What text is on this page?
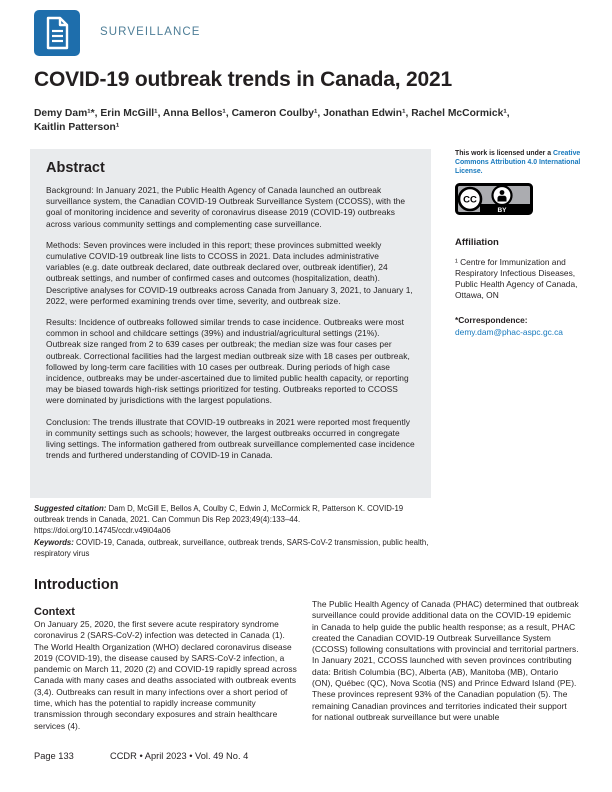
SURVEILLANCE
COVID-19 outbreak trends in Canada, 2021
Demy Dam¹*, Erin McGill¹, Anna Bellos¹, Cameron Coulby¹, Jonathan Edwin¹, Rachel McCormick¹,
Kaitlin Patterson¹
Abstract

Background: In January 2021, the Public Health Agency of Canada launched an outbreak surveillance system, the Canadian COVID-19 Outbreak Surveillance System (CCOSS), with the goal of monitoring incidence and severity of coronavirus disease 2019 (COVID-19) outbreaks across various community settings and complementing case surveillance.

Methods: Seven provinces were included in this report; these provinces submitted weekly cumulative COVID-19 outbreak line lists to CCOSS in 2021. Data includes administrative variables (e.g. date outbreak declared, date outbreak declared over, outbreak identifier), 24 outbreak settings, and number of confirmed cases and outcomes (hospitalization, death). Descriptive analyses for COVID-19 outbreaks across Canada from January 3, 2021, to January 1, 2022, were performed examining trends over time, severity, and outbreak size.

Results: Incidence of outbreaks followed similar trends to case incidence. Outbreaks were most common in school and childcare settings (39%) and industrial/agricultural settings (21%). Outbreak size ranged from 2 to 639 cases per outbreak; the median size was four cases per outbreak. Correctional facilities had the largest median outbreak size with 18 cases per outbreak, followed by long-term care facilities with 10 cases per outbreak. During periods of high case incidence, outbreaks may be under-ascertained due to limited public health capacity, or reporting may be biased towards high-risk settings prioritized for testing. Outbreaks reported to CCOSS were dominated by jurisdictions with the largest populations.

Conclusion: The trends illustrate that COVID-19 outbreaks in 2021 were reported most frequently in community settings such as schools; however, the largest outbreaks occurred in congregate living settings. The information gathered from outbreak surveillance complemented case incidence trends and furthered understanding of COVID-19 in Canada.

This work is licensed under a Creative Commons Attribution 4.0 International License.
CC
BY
Affiliation
¹ Centre for Immunization and Respiratory Infectious Diseases, Public Health Agency of Canada, Ottawa, ON
*Correspondence:
demy.dam@phac-aspc.gc.ca
Suggested citation: Dam D, McGill E, Bellos A, Coulby C, Edwin J, McCormick R, Patterson K. COVID-19
outbreak trends in Canada, 2021. Can Commun Dis Rep 2023;49(4):133–44.
https://doi.org/10.14745/ccdr.v49i04a06
Keywords: COVID-19, Canada, outbreak, surveillance, outbreak trends, SARS-CoV-2 transmission, public health,
respiratory virus
Introduction
Context
On January 25, 2020, the first severe acute respiratory syndrome coronavirus 2 (SARS-CoV-2) infection was detected in Canada (1). The World Health Organization (WHO) declared coronavirus disease 2019 (COVID-19), the disease caused by SARS-CoV-2 infection, a pandemic on March 11, 2020 (2) and COVID-19 rapidly spread across Canada with many cases and deaths associated with outbreak events (3,4). Outbreaks can result in many infections over a short period of time, which has the potential to rapidly increase community transmission through secondary exposures and strain healthcare services (4).
The Public Health Agency of Canada (PHAC) determined that outbreak surveillance could provide additional data on the COVID-19 epidemic in Canada to help guide the public health response; as a result, PHAC created the Canadian COVID-19 Outbreak Surveillance System (CCOSS) following consultations with provincial and territorial partners. In January 2021, CCOSS launched with seven provinces contributing data: British Columbia (BC), Alberta (AB), Manitoba (MB), Ontario (ON), Québec (QC), Nova Scotia (NS) and Prince Edward Island (PE). These provinces represent 93% of the Canadian population (5). The remaining Canadian provinces and territories indicated their support for national outbreak surveillance but were unable
Page 133	CCDR • April 2023 • Vol. 49 No. 4
